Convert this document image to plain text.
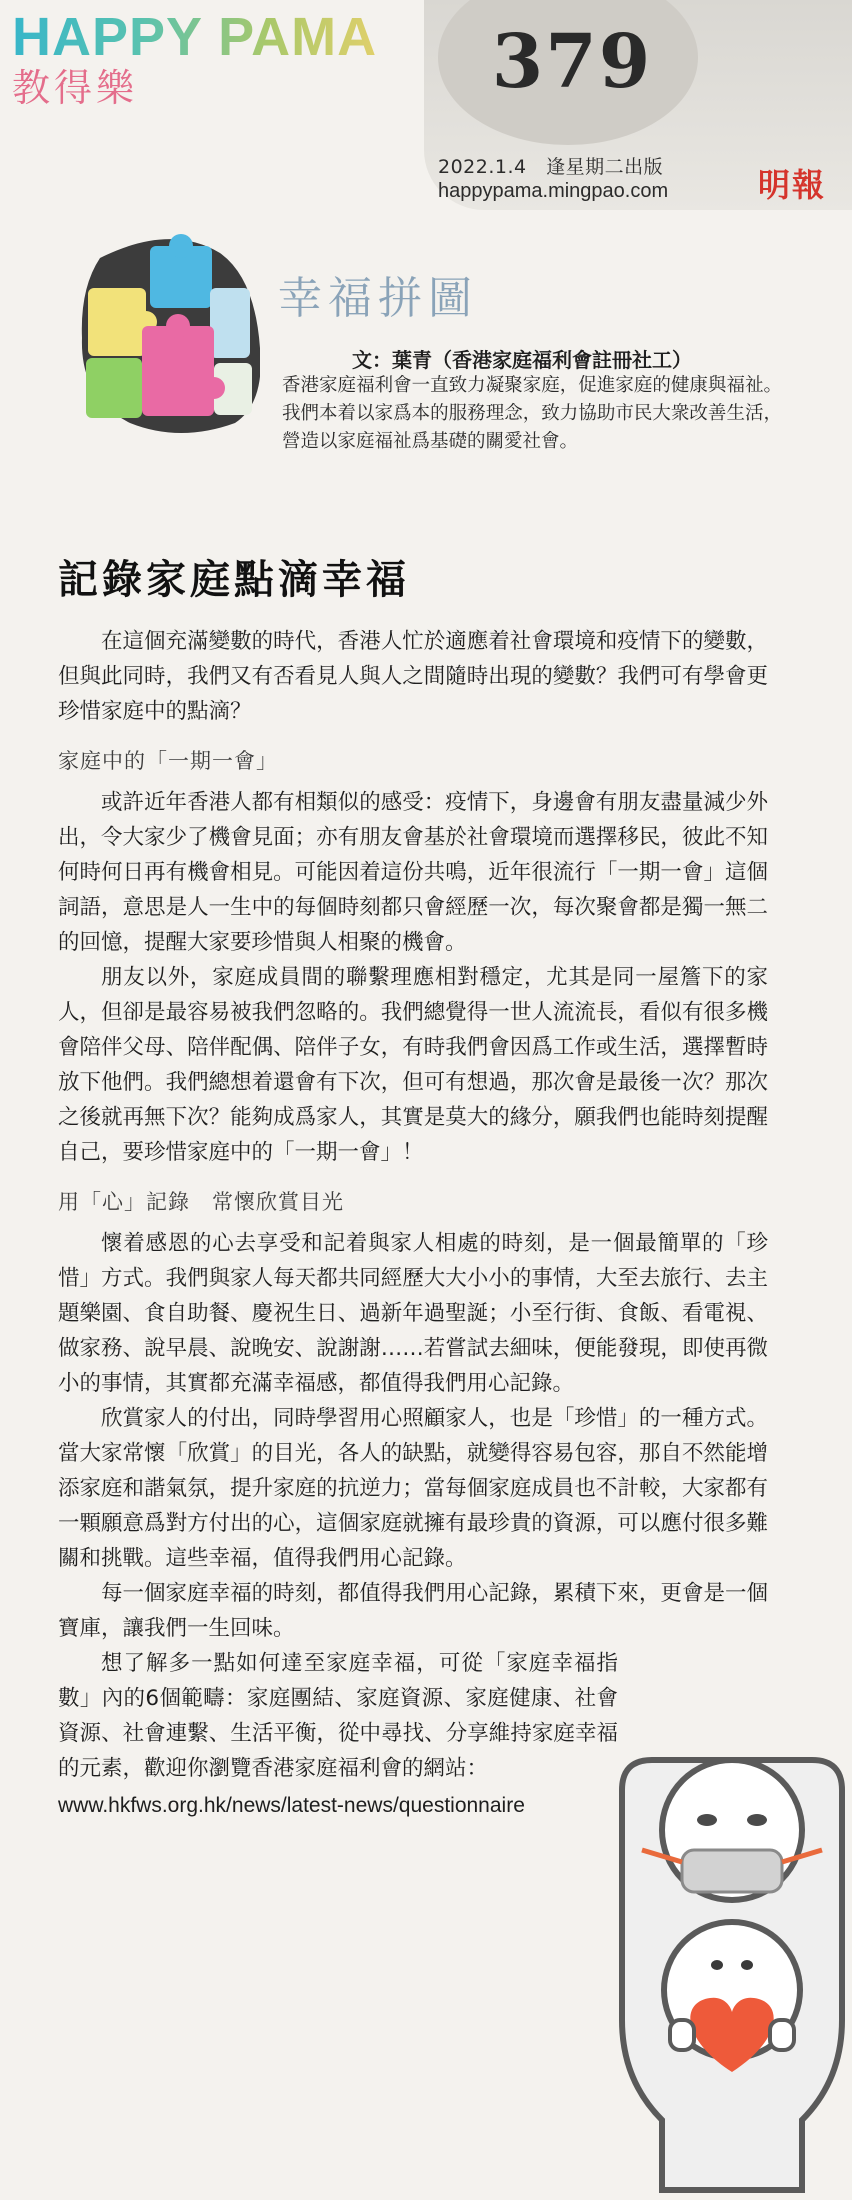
HAPPY PAMA
教得樂	379
2022.1.4　逢星期二出版
happypama.mingpao.com	明報
幸福拼圖
文：葉青（香港家庭福利會註冊社工）
香港家庭福利會一直致力凝聚家庭，促進家庭的健康與福祉。我們本着以家爲本的服務理念，致力協助市民大衆改善生活，營造以家庭福祉爲基礎的關愛社會。
記錄家庭點滴幸福

在這個充滿變數的時代，香港人忙於適應着社會環境和疫情下的變數，但與此同時，我們又有否看見人與人之間隨時出現的變數？我們可有學會更珍惜家庭中的點滴？

家庭中的「一期一會」

或許近年香港人都有相類似的感受：疫情下，身邊會有朋友盡量減少外出，令大家少了機會見面；亦有朋友會基於社會環境而選擇移民，彼此不知何時何日再有機會相見。可能因着這份共鳴，近年很流行「一期一會」這個詞語，意思是人一生中的每個時刻都只會經歷一次，每次聚會都是獨一無二的回憶，提醒大家要珍惜與人相聚的機會。

朋友以外，家庭成員間的聯繫理應相對穩定，尤其是同一屋簷下的家人，但卻是最容易被我們忽略的。我們總覺得一世人流流長，看似有很多機會陪伴父母、陪伴配偶、陪伴子女，有時我們會因爲工作或生活，選擇暫時放下他們。我們總想着還會有下次，但可有想過，那次會是最後一次？那次之後就再無下次？能夠成爲家人，其實是莫大的緣分，願我們也能時刻提醒自己，要珍惜家庭中的「一期一會」！

用「心」記錄　常懷欣賞目光

懷着感恩的心去享受和記着與家人相處的時刻，是一個最簡單的「珍惜」方式。我們與家人每天都共同經歷大大小小的事情，大至去旅行、去主題樂園、食自助餐、慶祝生日、過新年過聖誕；小至行街、食飯、看電視、做家務、說早晨、說晚安、說謝謝……若嘗試去細味，便能發現，即使再微小的事情，其實都充滿幸福感，都值得我們用心記錄。

欣賞家人的付出，同時學習用心照顧家人，也是「珍惜」的一種方式。當大家常懷「欣賞」的目光，各人的缺點，就變得容易包容，那自不然能增添家庭和諧氣氛，提升家庭的抗逆力；當每個家庭成員也不計較，大家都有一顆願意爲對方付出的心，這個家庭就擁有最珍貴的資源，可以應付很多難關和挑戰。這些幸福，值得我們用心記錄。

每一個家庭幸福的時刻，都值得我們用心記錄，累積下來，更會是一個寶庫，讓我們一生回味。

想了解多一點如何達至家庭幸福，可從「家庭幸福指數」內的6個範疇：家庭團結、家庭資源、家庭健康、社會資源、社會連繫、生活平衡，從中尋找、分享維持家庭幸福的元素，歡迎你瀏覽香港家庭福利會的網站：

www.hkfws.org.hk/news/latest-news/questionnaire
